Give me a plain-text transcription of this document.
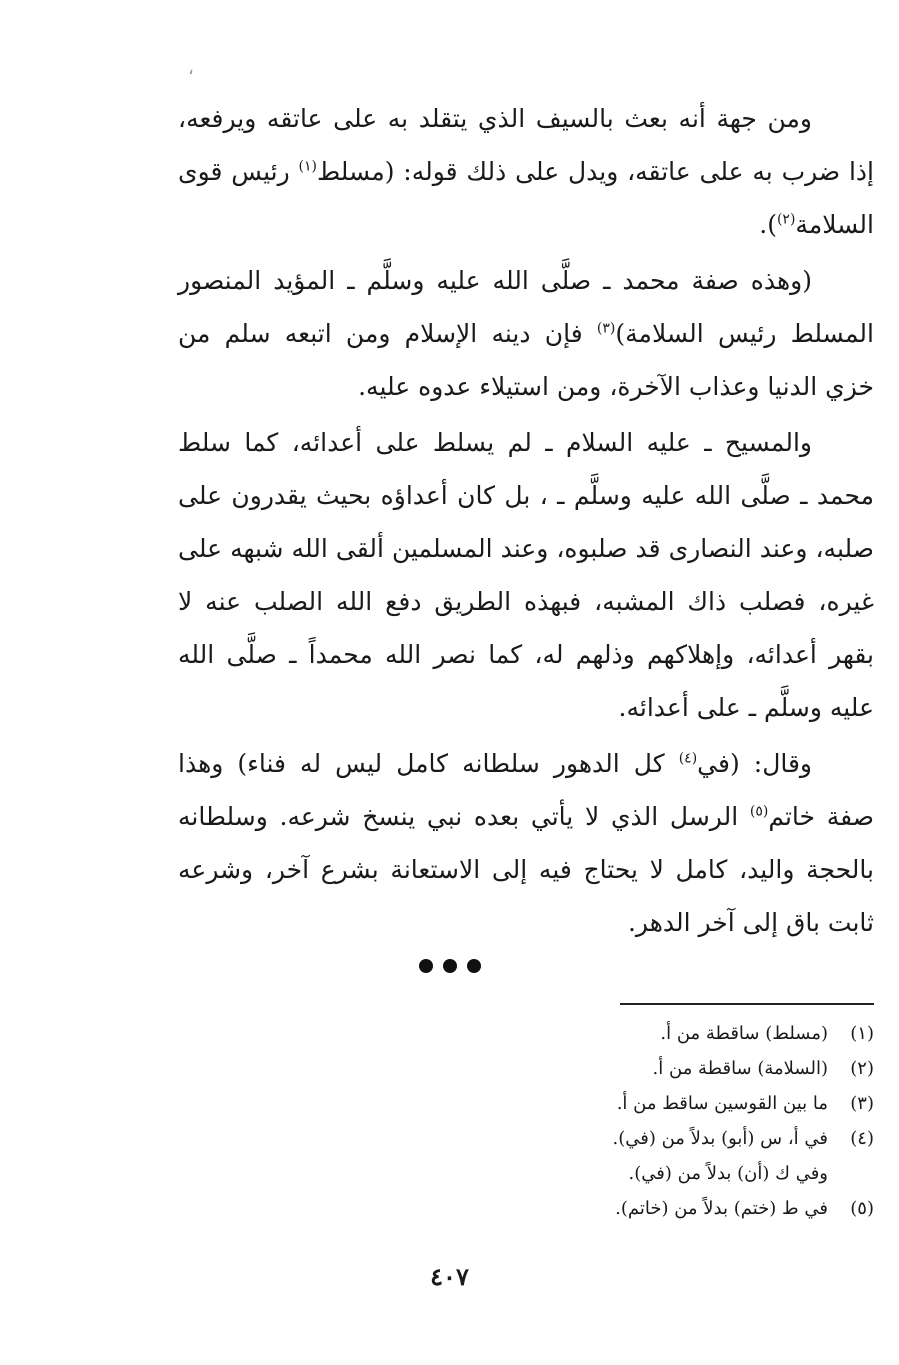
،

ومن جهة أنه بعث بالسيف الذي يتقلد به على عاتقه ويرفعه، إذا ضرب به على عاتقه، ويدل على ذلك قوله: (مسلط$^{(١)}$ رئيس قوى السلامة$^{(٢)}$).

(وهذه صفة محمد ـ صلَّى الله عليه وسلَّم ـ المؤيد المنصور المسلط رئيس السلامة)$^{(٣)}$ فإن دينه الإسلام ومن اتبعه سلم من خزي الدنيا وعذاب الآخرة، ومن استيلاء عدوه عليه.

والمسيح ـ عليه السلام ـ لم يسلط على أعدائه، كما سلط محمد ـ صلَّى الله عليه وسلَّم ـ ، بل كان أعداؤه بحيث يقدرون على صلبه، وعند النصارى قد صلبوه، وعند المسلمين ألقى الله شبهه على غيره، فصلب ذاك المشبه، فبهذه الطريق دفع الله الصلب عنه لا بقهر أعدائه، وإهلاكهم وذلهم له، كما نصر الله محمداً ـ صلَّى الله عليه وسلَّم ـ على أعدائه.

وقال: (في$^{(٤)}$ كل الدهور سلطانه كامل ليس له فناء) وهذا صفة خاتم$^{(٥)}$ الرسل الذي لا يأتي بعده نبي ينسخ شرعه. وسلطانه بالحجة واليد، كامل لا يحتاج فيه إلى الاستعانة بشرع آخر، وشرعه ثابت باق إلى آخر الدهر.

(١)
(مسلط) ساقطة من أ.
(٢)
(السلامة) ساقطة من أ.
(٣)
ما بين القوسين ساقط من أ.
(٤)
في أ، س (أبو) بدلاً من (في).
وفي ك (أن) بدلاً من (في).
(٥)
في ط (ختم) بدلاً من (خاتم).
٤٠٧
